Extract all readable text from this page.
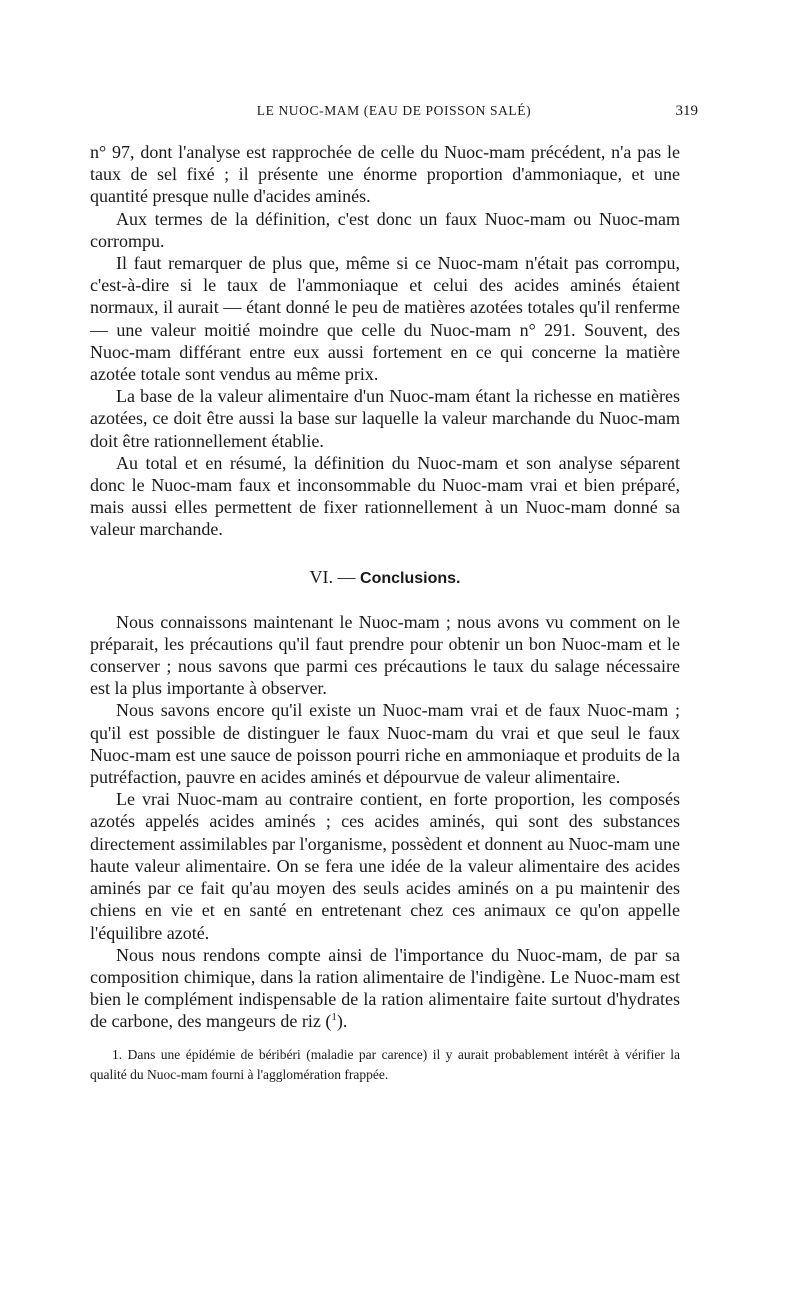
LE NUOC-MAM (EAU DE POISSON SALÉ)	319

n° 97, dont l'analyse est rapprochée de celle du Nuoc-mam précédent, n'a pas le taux de sel fixé ; il présente une énorme proportion d'ammoniaque, et une quantité presque nulle d'acides aminés.

Aux termes de la définition, c'est donc un faux Nuoc-mam ou Nuoc-mam corrompu.

Il faut remarquer de plus que, même si ce Nuoc-mam n'était pas corrompu, c'est-à-dire si le taux de l'ammoniaque et celui des acides aminés étaient normaux, il aurait — étant donné le peu de matières azotées totales qu'il renferme — une valeur moitié moindre que celle du Nuoc-mam n° 291. Souvent, des Nuoc-mam différant entre eux aussi fortement en ce qui concerne la matière azotée totale sont vendus au même prix.

La base de la valeur alimentaire d'un Nuoc-mam étant la richesse en matières azotées, ce doit être aussi la base sur laquelle la valeur marchande du Nuoc-mam doit être rationnellement établie.

Au total et en résumé, la définition du Nuoc-mam et son analyse séparent donc le Nuoc-mam faux et inconsommable du Nuoc-mam vrai et bien préparé, mais aussi elles permettent de fixer rationnellement à un Nuoc-mam donné sa valeur marchande.

VI. — Conclusions.

Nous connaissons maintenant le Nuoc-mam ; nous avons vu comment on le préparait, les précautions qu'il faut prendre pour obtenir un bon Nuoc-mam et le conserver ; nous savons que parmi ces précautions le taux du salage nécessaire est la plus importante à observer.

Nous savons encore qu'il existe un Nuoc-mam vrai et de faux Nuoc-mam ; qu'il est possible de distinguer le faux Nuoc-mam du vrai et que seul le faux Nuoc-mam est une sauce de poisson pourri riche en ammoniaque et produits de la putréfaction, pauvre en acides aminés et dépourvue de valeur alimentaire.

Le vrai Nuoc-mam au contraire contient, en forte proportion, les composés azotés appelés acides aminés ; ces acides aminés, qui sont des substances directement assimilables par l'organisme, possèdent et donnent au Nuoc-mam une haute valeur alimentaire. On se fera une idée de la valeur alimentaire des acides aminés par ce fait qu'au moyen des seuls acides aminés on a pu maintenir des chiens en vie et en santé en entretenant chez ces animaux ce qu'on appelle l'équilibre azoté.

Nous nous rendons compte ainsi de l'importance du Nuoc-mam, de par sa composition chimique, dans la ration alimentaire de l'indigène. Le Nuoc-mam est bien le complément indispensable de la ration alimentaire faite surtout d'hydrates de carbone, des mangeurs de riz ($^1$).

1. Dans une épidémie de béribéri (maladie par carence) il y aurait probablement intérêt à vérifier la qualité du Nuoc-mam fourni à l'agglomération frappée.
